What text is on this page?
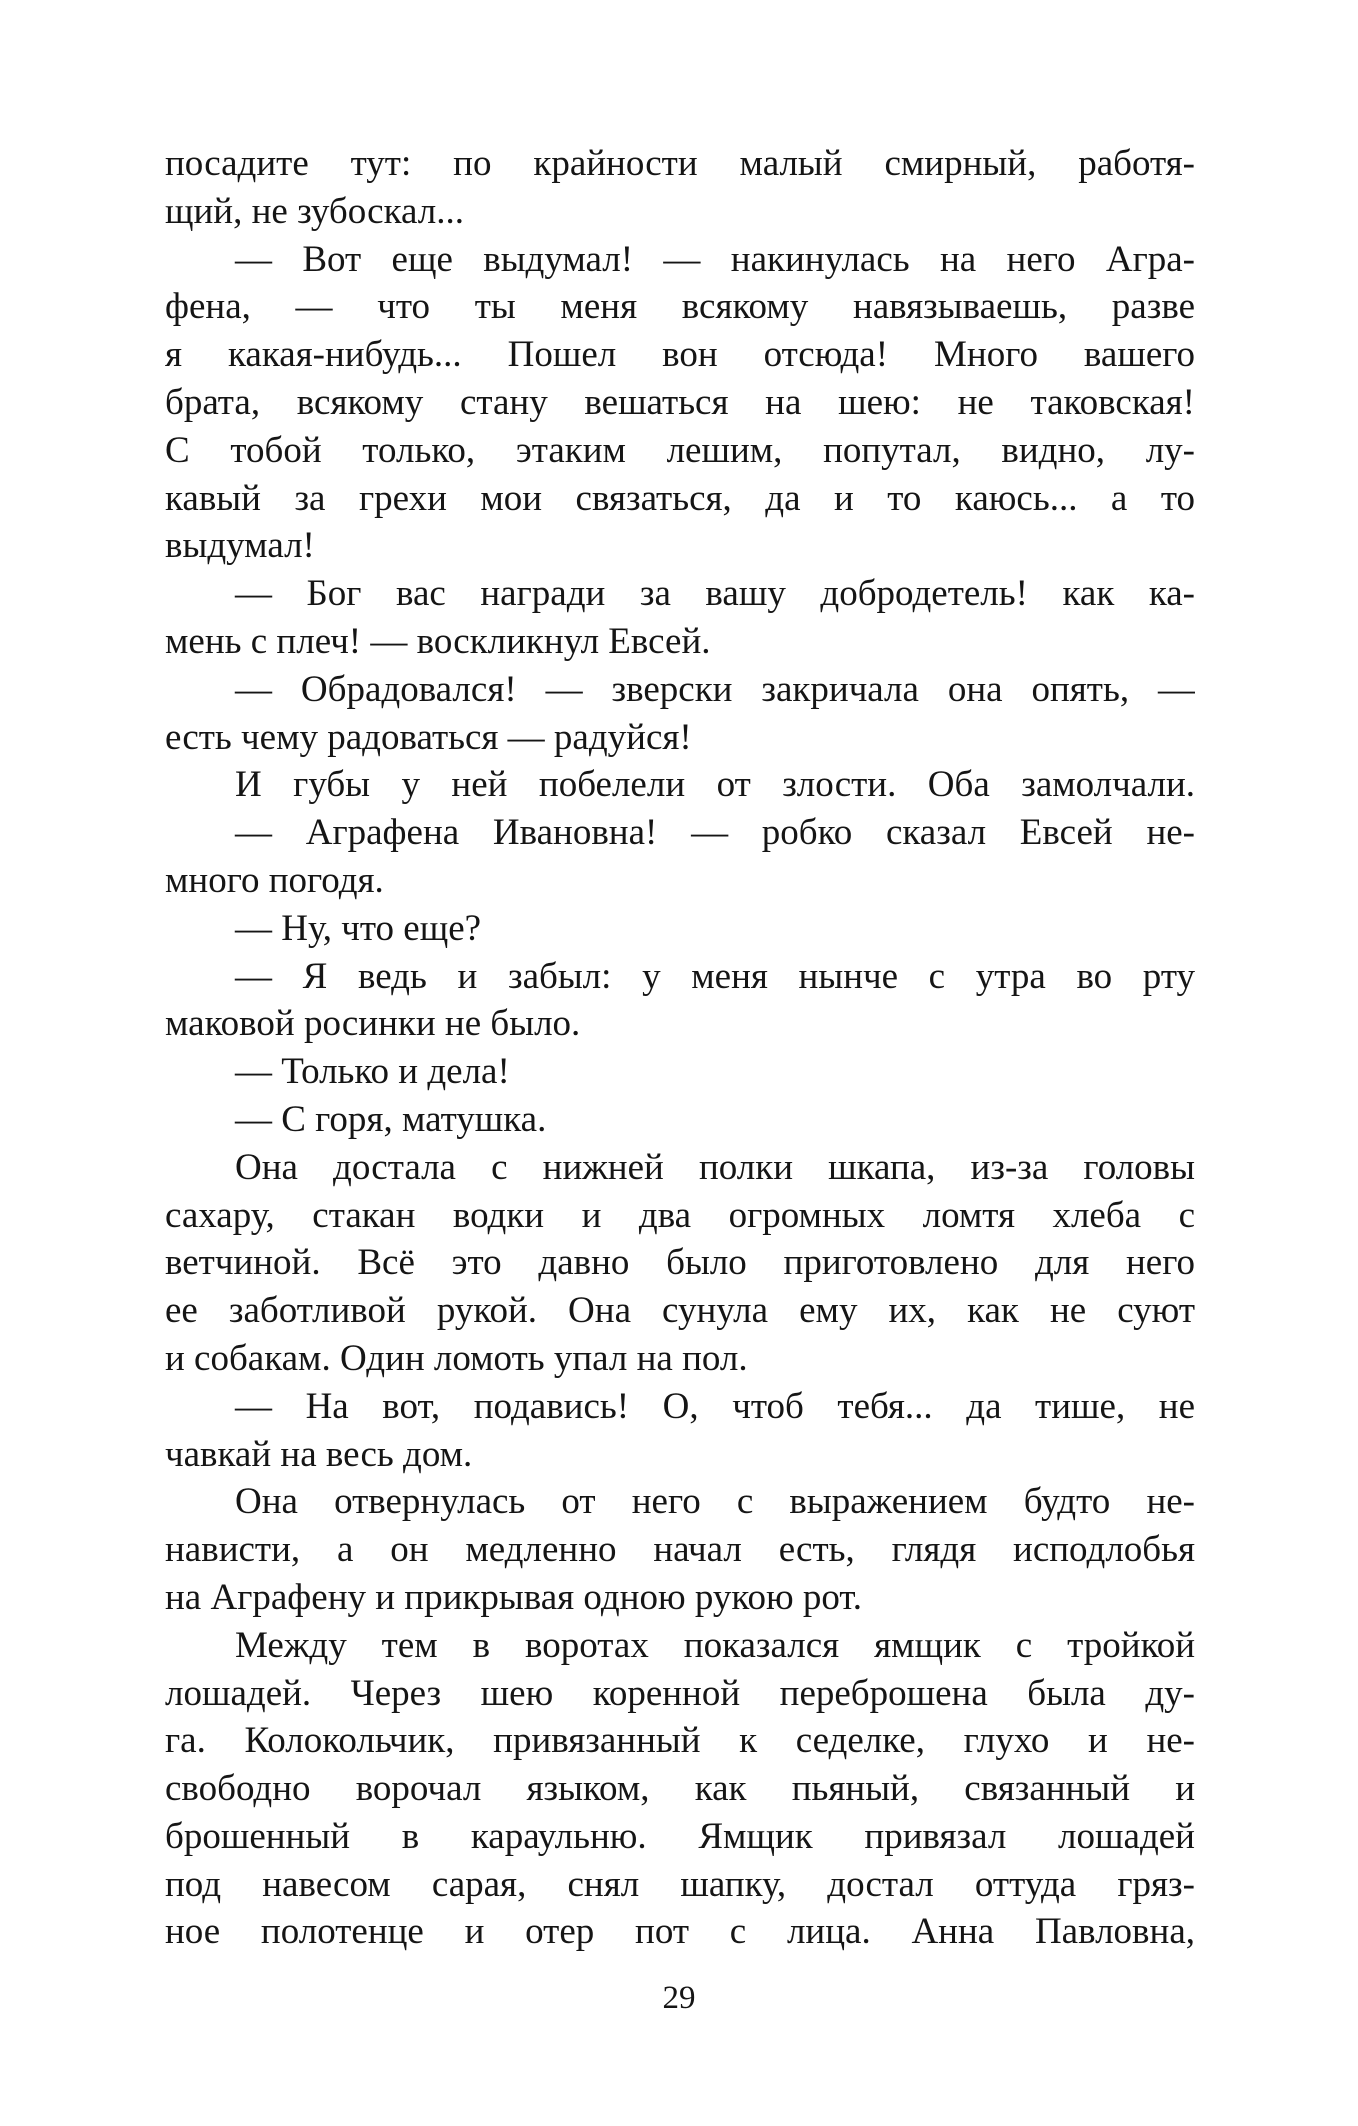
посадите тут: по крайности малый смирный, работя-
щий, не зубоскал...
— Вот еще выдумал! — накинулась на него Агра-
фена, — что ты меня всякому навязываешь, разве
я какая-нибудь... Пошел вон отсюда! Много вашего
брата, всякому стану вешаться на шею: не таковская!
С тобой только, этаким лешим, попутал, видно, лу-
кавый за грехи мои связаться, да и то каюсь... а то
выдумал!
— Бог вас награди за вашу добродетель! как ка-
мень с плеч! — воскликнул Евсей.
— Обрадовался! — зверски закричала она опять, —
есть чему радоваться — радуйся!
И губы у ней побелели от злости. Оба замолчали.
— Аграфена Ивановна! — робко сказал Евсей не-
много погодя.
— Ну, что еще?
— Я ведь и забыл: у меня нынче с утра во рту
маковой росинки не было.
— Только и дела!
— С горя, матушка.
Она достала с нижней полки шкапа, из-за головы
сахару, стакан водки и два огромных ломтя хлеба с
ветчиной. Всё это давно было приготовлено для него
ее заботливой рукой. Она сунула ему их, как не суют
и собакам. Один ломоть упал на пол.
— На вот, подавись! О, чтоб тебя... да тише, не
чавкай на весь дом.
Она отвернулась от него с выражением будто не-
нависти, а он медленно начал есть, глядя исподлобья
на Аграфену и прикрывая одною рукою рот.
Между тем в воротах показался ямщик с тройкой
лошадей. Через шею коренной переброшена была ду-
га. Колокольчик, привязанный к седелке, глухо и не-
свободно ворочал языком, как пьяный, связанный и
брошенный в караульню. Ямщик привязал лошадей
под навесом сарая, снял шапку, достал оттуда гряз-
ное полотенце и отер пот с лица. Анна Павловна,
29
